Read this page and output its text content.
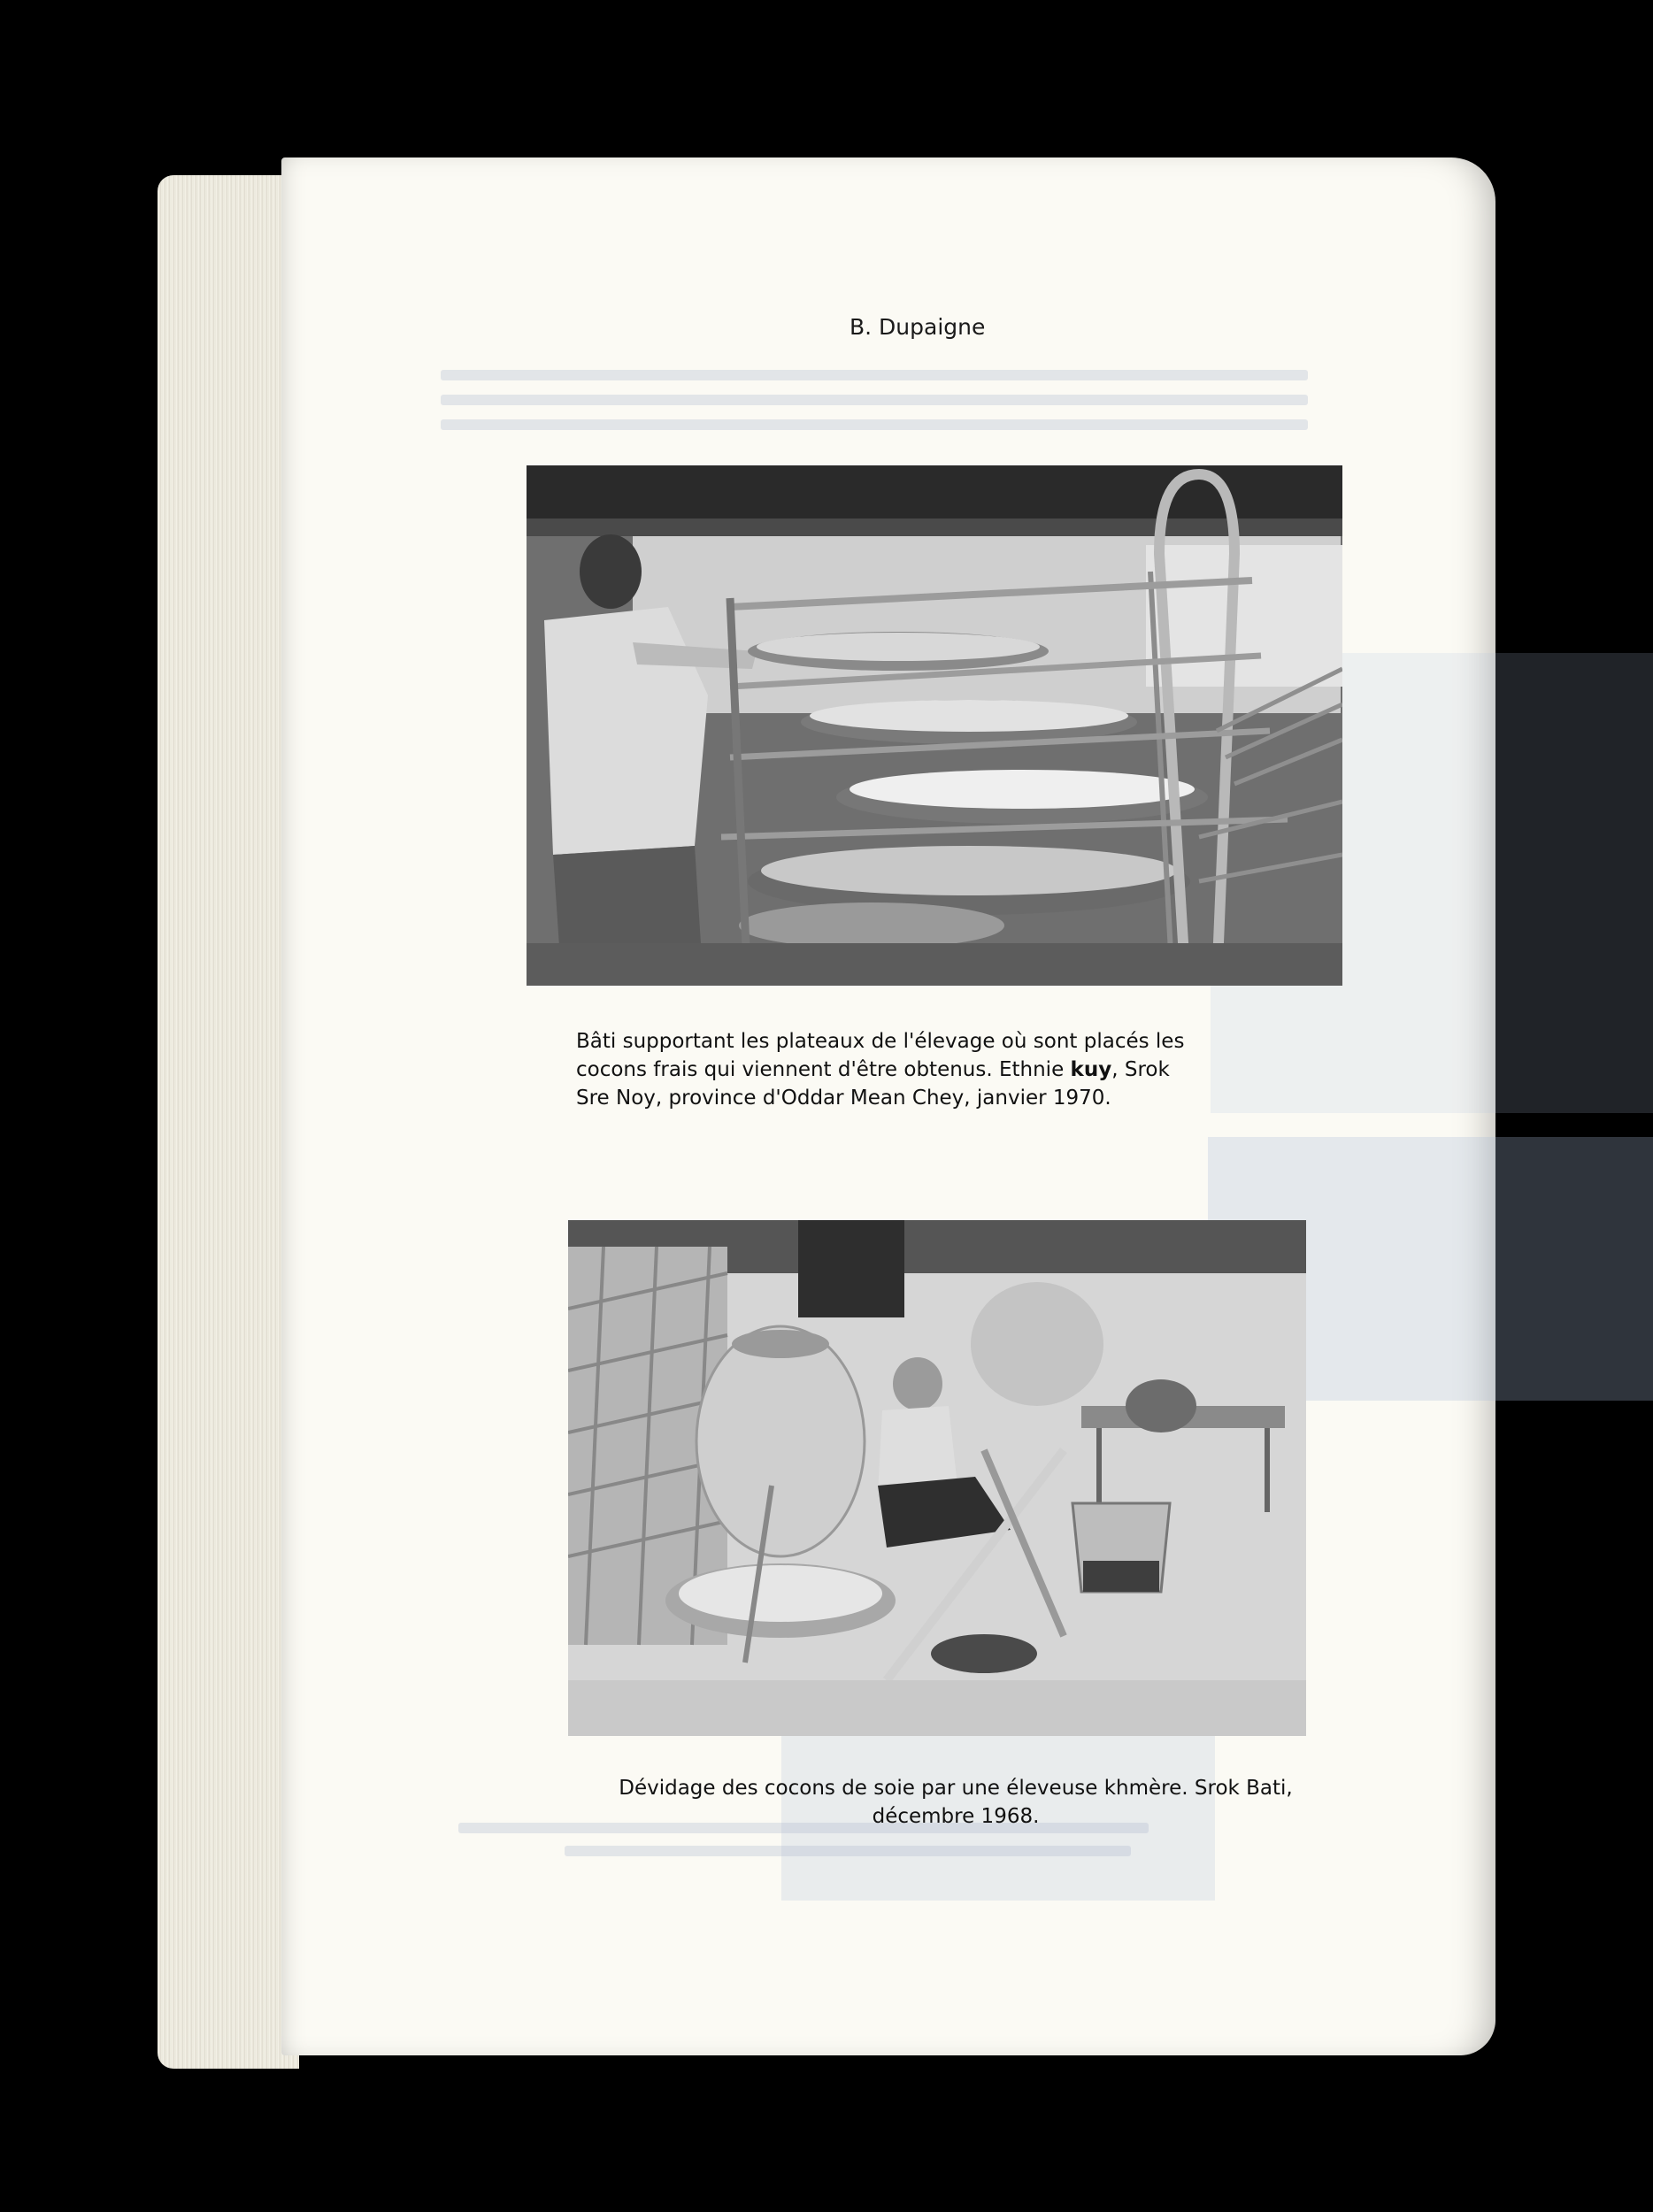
B. Dupaigne
Bâti supportant les plateaux de l'élevage où sont placés les
cocons frais qui viennent d'être obtenus. Ethnie kuy, Srok
Sre Noy, province d'Oddar Mean Chey, janvier 1970.
Dévidage des cocons de soie par une éleveuse khmère. Srok Bati,
décembre 1968.
